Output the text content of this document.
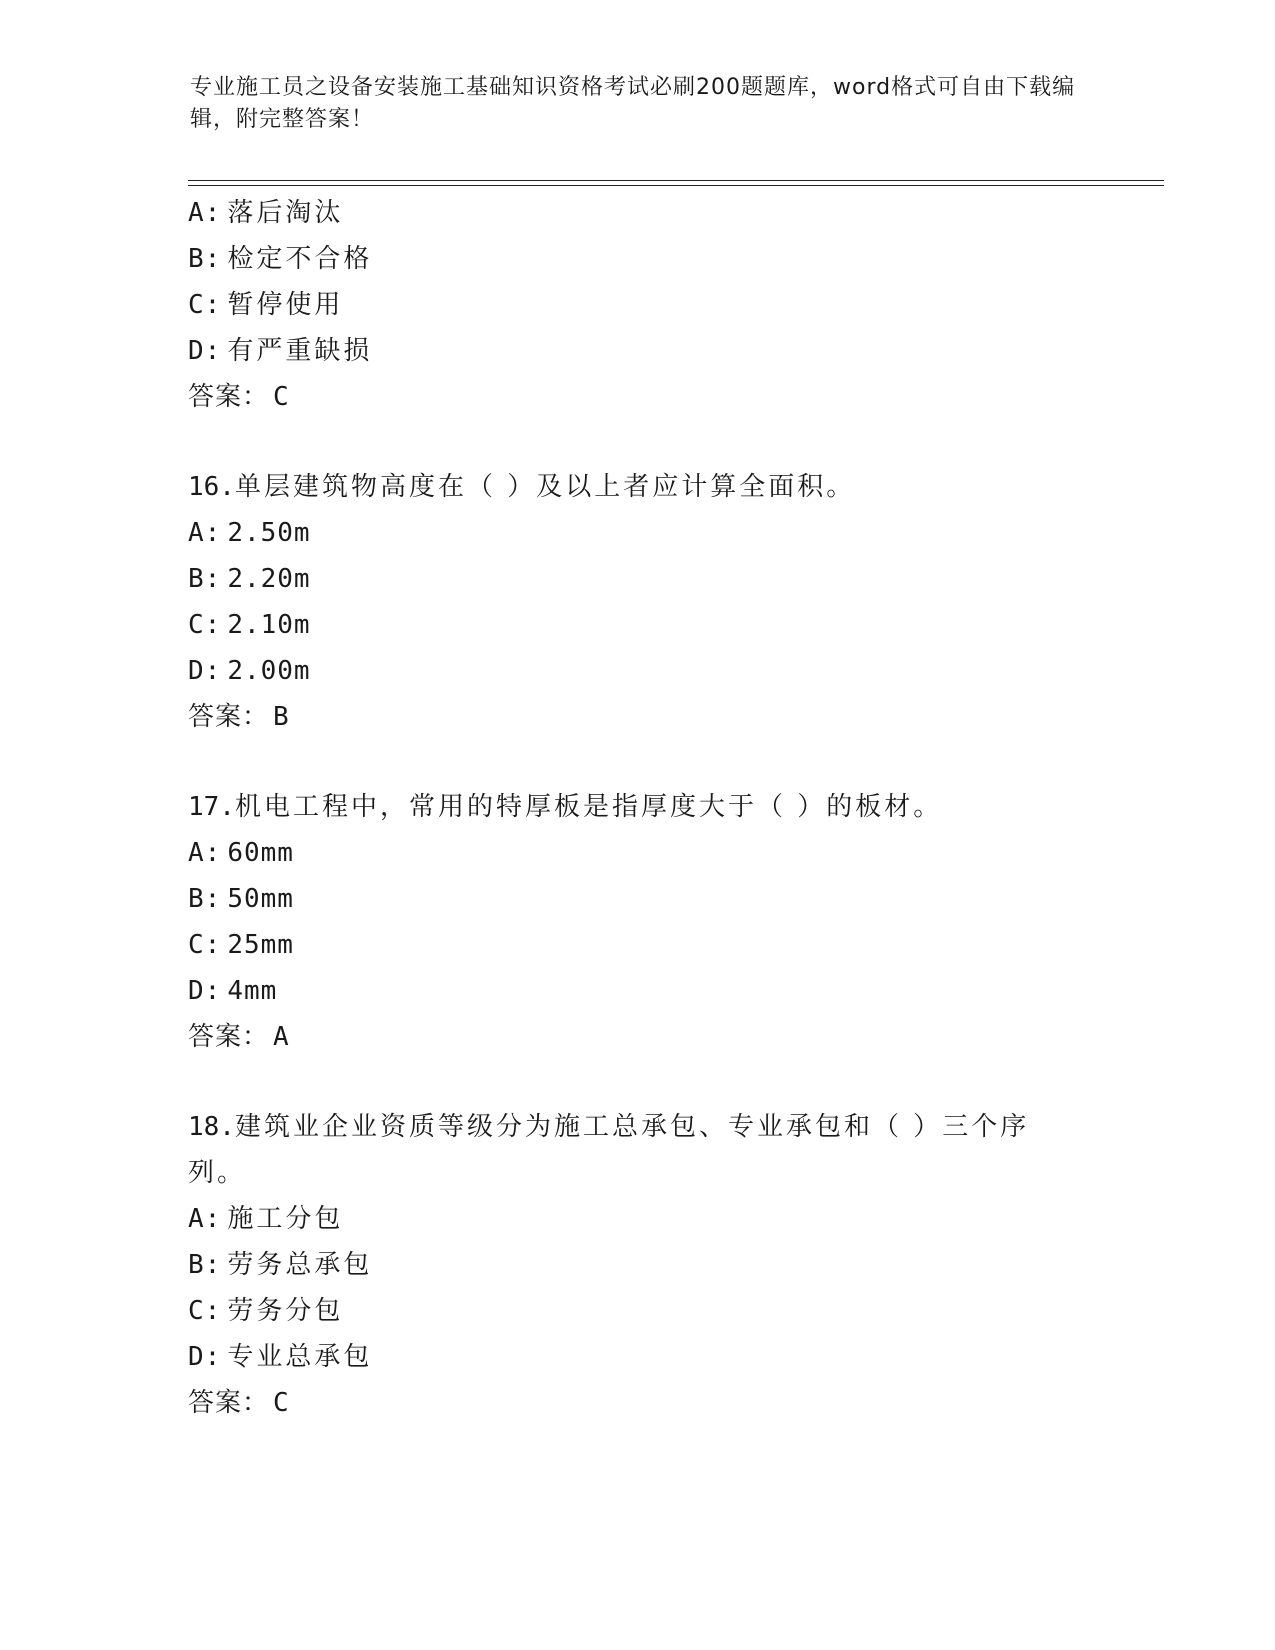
专业施工员之设备安装施工基础知识资格考试必刷200题题库，word格式可自由下载编辑，附完整答案！
A: 落后淘汰
B: 检定不合格
C: 暂停使用
D: 有严重缺损
答案： C
16.单层建筑物高度在（ ）及以上者应计算全面积。
A: 2.50m
B: 2.20m
C: 2.10m
D: 2.00m
答案： B
17.机电工程中，常用的特厚板是指厚度大于（ ）的板材。
A: 60mm
B: 50mm
C: 25mm
D: 4mm
答案： A
18.建筑业企业资质等级分为施工总承包、专业承包和（ ）三个序列。
A: 施工分包
B: 劳务总承包
C: 劳务分包
D: 专业总承包
答案： C
